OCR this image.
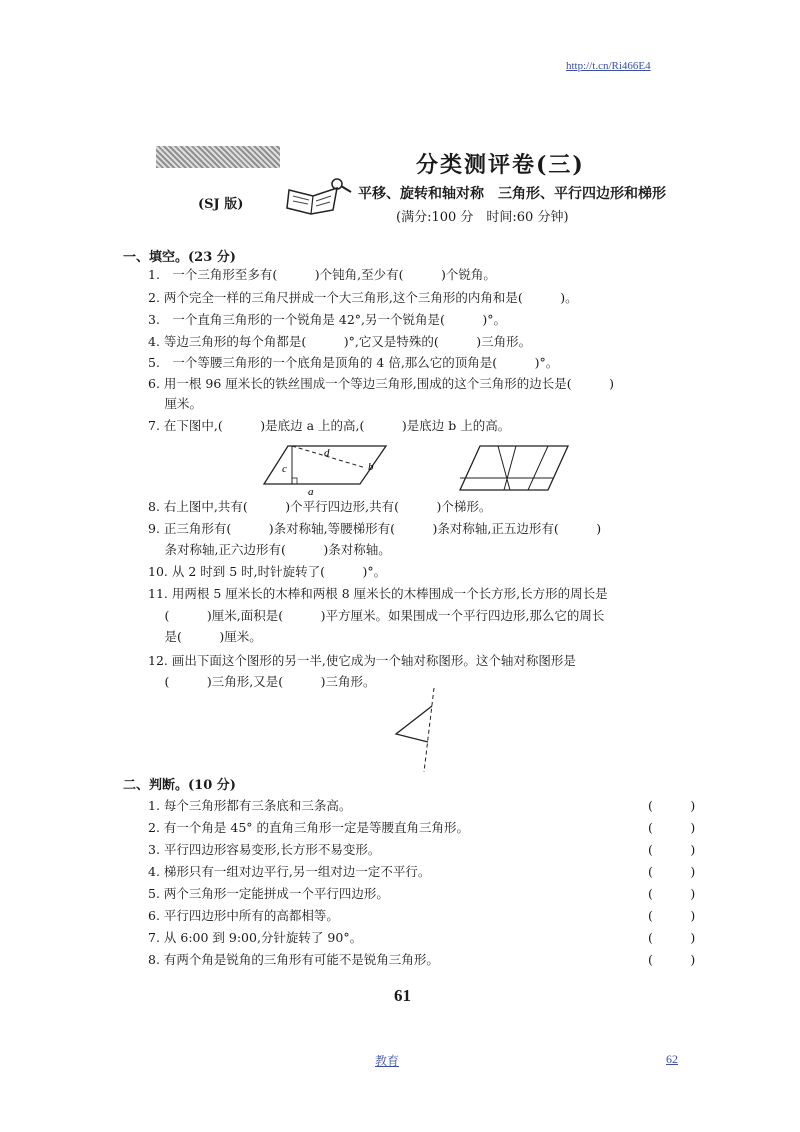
http://t.cn/Ri466E4
(SJ 版)
分类测评卷(三)
平移、旋转和轴对称　三角形、平行四边形和梯形
(满分:100 分　时间:60 分钟)
一、填空。(23 分)
1.　一个三角形至多有(　　　)个钝角,至少有(　　　)个锐角。
2. 两个完全一样的三角尺拼成一个大三角形,这个三角形的内角和是(　　　)。
3.　一个直角三角形的一个锐角是 42°,另一个锐角是(　　　)°。
4. 等边三角形的每个角都是(　　　)°,它又是特殊的(　　　)三角形。
5.　一个等腰三角形的一个底角是顶角的 4 倍,那么它的顶角是(　　　)°。
6. 用一根 96 厘米长的铁丝围成一个等边三角形,围成的这个三角形的边长是(　　　)
　 厘米。
7. 在下图中,(　　　)是底边 a 上的高,(　　　)是底边 b 上的高。
c
d
b
a
8. 右上图中,共有(　　　)个平行四边形,共有(　　　)个梯形。
9. 正三角形有(　　　)条对称轴,等腰梯形有(　　　)条对称轴,正五边形有(　　　)
　 条对称轴,正六边形有(　　　)条对称轴。
10. 从 2 时到 5 时,时针旋转了(　　　)°。
11. 用两根 5 厘米长的木棒和两根 8 厘米长的木棒围成一个长方形,长方形的周长是
　 (　　　)厘米,面积是(　　　)平方厘米。如果围成一个平行四边形,那么它的周长
　 是(　　　)厘米。
12. 画出下面这个图形的另一半,使它成为一个轴对称图形。这个轴对称图形是
　 (　　　)三角形,又是(　　　)三角形。
二、判断。(10 分)
1. 每个三角形都有三条底和三条高。	(　　　)
2. 有一个角是 45° 的直角三角形一定是等腰直角三角形。	(　　　)
3. 平行四边形容易变形,长方形不易变形。	(　　　)
4. 梯形只有一组对边平行,另一组对边一定不平行。	(　　　)
5. 两个三角形一定能拼成一个平行四边形。	(　　　)
6. 平行四边形中所有的高都相等。	(　　　)
7. 从 6:00 到 9:00,分针旋转了 90°。	(　　　)
8. 有两个角是锐角的三角形有可能不是锐角三角形。	(　　　)
61
教育	62
